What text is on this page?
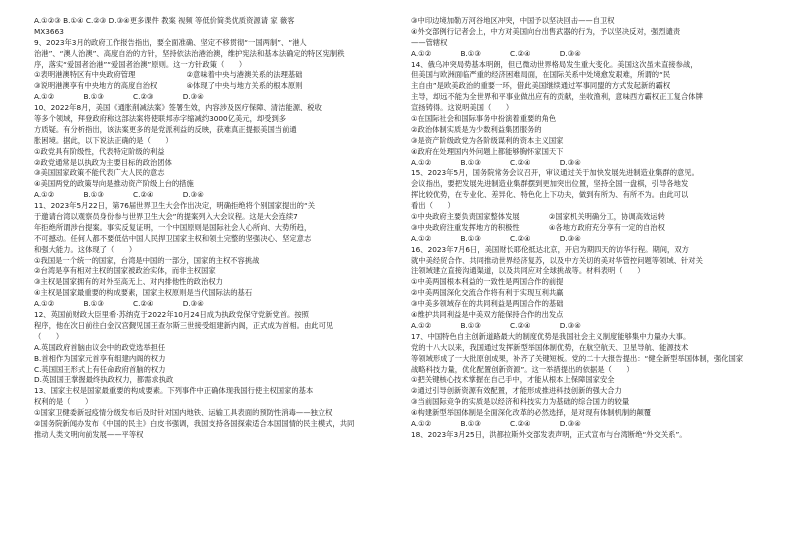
A.①②③ B.①④ C.②③ D.③④更多课件 教案 视频 等低价简类优质资源请 家 薇客
MX3663
9、2023年3月的政府工作报告指出，要全面准确、坚定不移贯彻“一国两制”、“港人
治港”、“澳人治澳”、高度自治的方针，坚持依法治港治澳，维护宪法和基本法确定的特区宪制秩
序，落实“爱国者治港”“爱国者治澳”原则。这一方针政策（　　）
①表明港澳特区有中央政府管理　　　　　　　②意味着中央与港澳关系的法理基础
③说明港澳享有中央地方的高度自治权　　　　④体现了中央与地方关系的根本原则
A.①②　　　　B.①③　　　　C.②③　　　　D.③④
10、2022年8月，美国《通胀削减法案》签署生效，内容涉及医疗保障、清洁能源、税收
等多个领域，拜登政府称这部法案将使联邦赤字缩减约3000亿美元，却受到多
方质疑。有分析指出，该法案更多的是党派利益的反映，获难真正提振美国当前通
胀困境。据此，以下说法正确的是（　　）
①政党具有阶级性，代表特定阶级的利益
②政党通常是以执政为主要目标的政治团体
③美国国家政策不能代表广大人民的意志
④美国两党的政策导向是推动资产阶级上台的措施
A.①②　　　　B.①③　　　　C.②④　　　　D.③④
11、2023年5月22日，第76届世界卫生大会作出决定，明确拒绝将个别国家提出的“关
于邀请台湾以观察员身份参与世界卫生大会”的提案列入大会议程。这是大会连续7
年拒绝所谓涉台提案。事实反复证明，一个中国原则是国际社会人心所向、大势所趋，
不可撼动。任何人都不要低估中国人民捍卫国家主权和领土完整的坚强决心、坚定意志
和强大能力。这体现了（　　）
①我国是一个统一的国家，台湾是中国的一部分，国家的主权不容挑战
②台湾是享有相对主权的国家被政治实体，而非主权国家
③主权是国家拥有的对外至高无上、对内排他性的政治权力
④主权是国家最重要的构成要素，国家主权原则是当代国际法的基石
A.①②　　　　B.①③　　　　C.②④　　　　D.③④
12、英国前财政大臣里希·苏纳克于2022年10月24日成为执政党保守党新党首。按照
程序，他在次日前往白金汉宫觐见国王查尔斯三世接受组建新内阁，正式成为首相。由此可见
（　　）
A.英国政府首脑由议会中的政党选举担任
B.首相作为国家元首享有组建内阁的权力
C.英国国王形式上有任命政府首脑的权力
D.英国国王掌握最终执政权力，都需求执政
13、国家主权是国家最重要的构成要素。下列事件中正确体现我国行使主权国家的基本
权利的是（　　）
①国家卫健委新冠疫情分级发布后及时针对国内地铁、运输工具表面的预防性消毒——独立权
②国务院新闻办发布《中国的民主》白皮书强调，我国支持各国探索适合本国国情的民主模式，共同
推动人类文明向前发展——平等权
③中印边境加勒万河谷地区冲突，中国予以坚决回击——自卫权
④外交部例行记者会上，中方对美国向台出售武器的行为，予以坚决反对，强烈谴责
——管辖权
A.①②　　　　B.①③　　　　C.②④　　　　D.③④
14、俄乌冲突局势基本明朗，但已微动世界格局发生重大变化。美国这次虽未直接参战，
但美国与欧洲面临严重的经济困难局面，在国际关系中处境愈发艰难，所谓的“民
主自由”是欧美政治的重要一环，借此美国继续通过军事同盟的方式发起新的霸权
主导，却远不能为全世界和平事业做出应有的贡献，坐收渔利，意味西方霸权正工复合体牌
宣扬铸得。这说明美国（　　）
①在国际社会和国际事务中扮演着重要的角色
②政治体制实质是为少数利益集团服务的
③是资产阶级政党为各阶级谋利的资本主义国家
④政府在处理国内外问题上都能够胸怀家国天下
A.①②　　　　B.①③　　　　C.②④　　　　D.③④
15、2023年5月，国务院常务会议召开，审议通过关于加快发展先进制造业集群的意见。
会议指出，要把发展先进制造业集群摆到更加突出位置，坚持全国一盘棋，引导各地发
挥比较优势，在专业化、差异化、特色化上下功夫，做到有所为、有所不为。由此可以
看出（　　）
①中央政府主要负责国家整体发展　　　　②国家机关明确分工，协调高效运转
③中央政府注重发挥地方的积极性　　　　④各地方政府充分享有一定的自治权
A.①②　　　　B.①③　　　　C.②④　　　　D.③④
16、2023年7月6日，美国财长耶伦抵达北京，开启为期四天的访华行程。期间，双方
就中美经贸合作、共同推动世界经济复苏，以及中方关切的美对华管控问题等领域、针对关
注领域建立直接沟通渠道，以及共同应对全球挑战等。材料表明（　　）
①中美两国根本利益的一致性是两国合作的前提
②中美两国深化交流合作将有利于实现互利共赢
③中美多领域存在的共同利益是两国合作的基础
④维护共同利益是中美双方能保持合作的出发点
A.①②　　　　B.①③　　　　C.②④　　　　D.③④
17、中国特色自主创新道路最大的制度优势是我国社会主义制度能够集中力量办大事。
党的十八大以来，我国通过发挥新型举国体制优势，在航空航天、卫星导航、能源技术
等领域形成了一大批原创成果，补齐了关键短板。党的二十大报告提出：“健全新型举国体制，强化国家
战略科技力量，优化配置创新资源”。这一举措提出的依据是（　　）
①把关键核心技术掌握在自己手中，才能从根本上保障国家安全
②通过引导创新资源有效配置，才能形成推进科技创新的强大合力
③当前国际竞争的实质是以经济和科技实力为基础的综合国力的较量
④构建新型举国体制是全面深化改革的必然选择，是对现有体制机制的颠覆
A.①②　　　　B.①③　　　　C.②④　　　　D.③④
18、2023年3月25日，洪都拉斯外交部发表声明，正式宣布与台湾断绝“外交关系”。
